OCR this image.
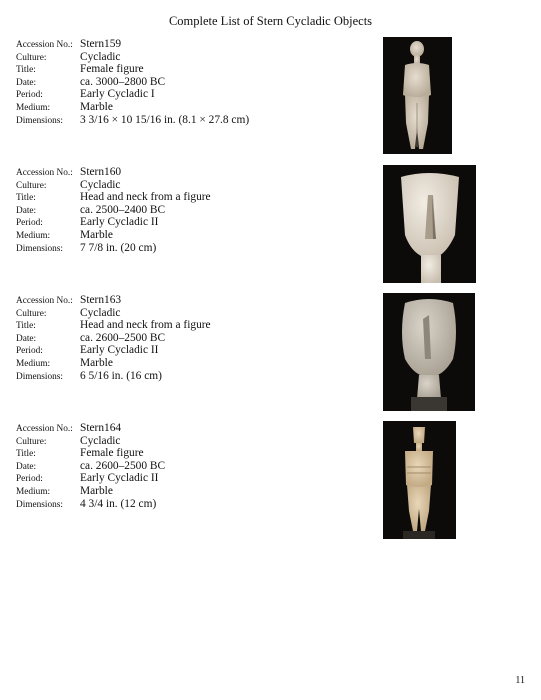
Complete List of Stern Cycladic Objects
Accession No.: Stern159
Culture:	Cycladic
Title:	Female figure
Date:	ca. 3000–2800 BC
Period:	Early Cycladic I
Medium:	Marble
Dimensions:	3 3/16 × 10 15/16 in. (8.1 × 27.8 cm)
Accession No.: Stern160
Culture:	Cycladic
Title:	Head and neck from a figure
Date:	ca. 2500–2400 BC
Period:	Early Cycladic II
Medium:	Marble
Dimensions:	7 7/8 in. (20 cm)
Accession No.: Stern163
Culture:	Cycladic
Title:	Head and neck from a figure
Date:	ca. 2600–2500 BC
Period:	Early Cycladic II
Medium:	Marble
Dimensions:	6 5/16 in. (16 cm)
Accession No.: Stern164
Culture:	Cycladic
Title:	Female figure
Date:	ca. 2600–2500 BC
Period:	Early Cycladic II
Medium:	Marble
Dimensions:	4 3/4 in. (12 cm)
11
